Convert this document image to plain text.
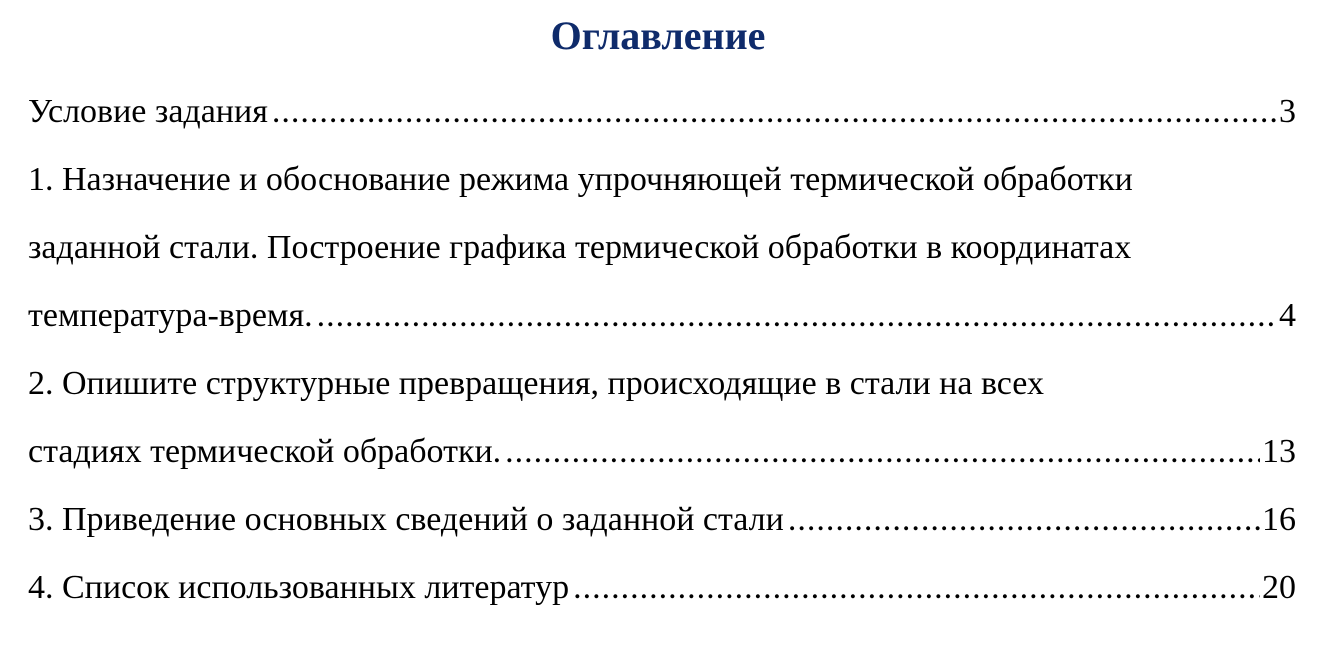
Оглавление
Условие задания .....	3
1. Назначение и обоснование режима упрочняющей термической обработки
заданной стали. Построение графика термической обработки в координатах
температура-время. .....	4
2. Опишите структурные превращения, происходящие в стали на всех
стадиях термической обработки. .....	13
3. Приведение основных сведений о заданной стали .....	16
4. Список использованных литератур .....	20
